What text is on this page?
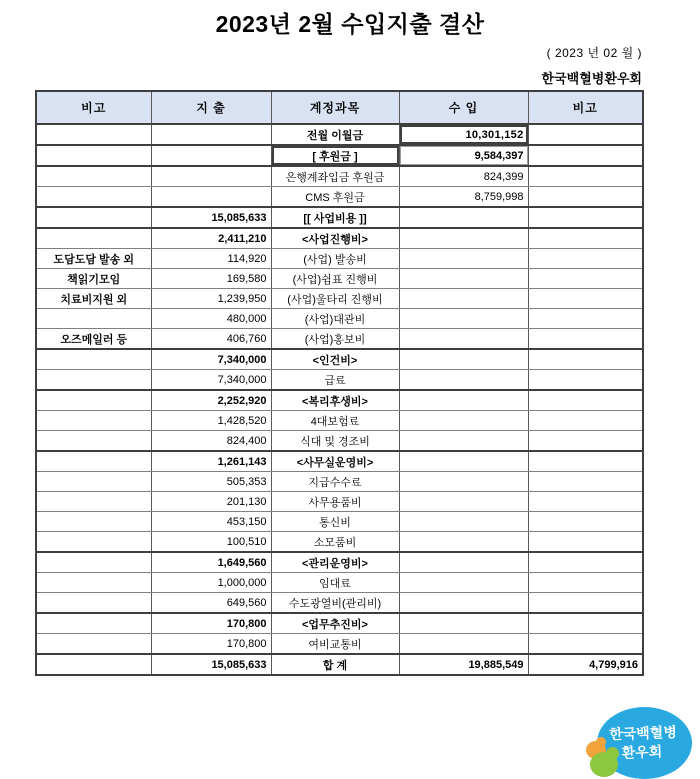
2023년 2월 수입지출 결산
( 2023 년 02 월 )
한국백혈병환우회
비고	지 출	계정과목	수 입	비고
		전월 이월금	10,301,152	
		[ 후원금 ]	9,584,397	
		은행계좌입금 후원금	824,399	
		CMS 후원금	8,759,998	
	15,085,633	[[ 사업비용 ]]		
	2,411,210	<사업진행비>		
도담도담 발송 외	114,920	(사업) 발송비		
책읽기모임	169,580	(사업)쉼표 진행비		
치료비지원 외	1,239,950	(사업)울타리 진행비		
	480,000	(사업)대관비		
오즈메일러 등	406,760	(사업)홍보비		
	7,340,000	<인건비>		
	7,340,000	급료		
	2,252,920	<복리후생비>		
	1,428,520	4대보험료		
	824,400	식대 및 경조비		
	1,261,143	<사무실운영비>		
	505,353	지급수수료		
	201,130	사무용품비		
	453,150	통신비		
	100,510	소모품비		
	1,649,560	<관리운영비>		
	1,000,000	임대료		
	649,560	수도광열비(관리비)		
	170,800	<업무추진비>		
	170,800	여비교통비		
	15,085,633	합 계	19,885,549	4,799,916
한국백혈병
환우회
